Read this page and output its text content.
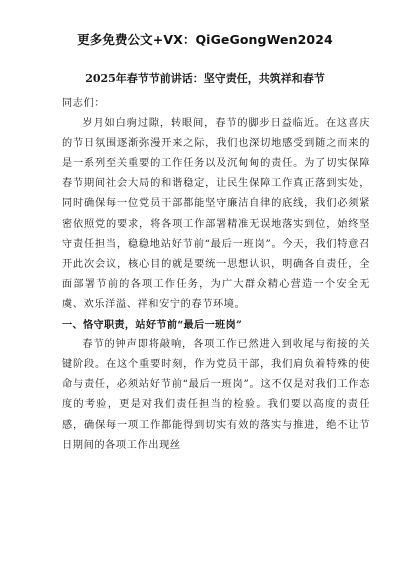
更多免费公文+VX：QiGeGongWen2024
2025年春节节前讲话：坚守责任，共筑祥和春节

同志们：

岁月如白驹过隙，转眼间，春节的脚步日益临近。在这喜庆的节日氛围逐渐弥漫开来之际，我们也深切地感受到随之而来的是一系列至关重要的工作任务以及沉甸甸的责任。为了切实保障春节期间社会大局的和谐稳定，让民生保障工作真正落到实处，同时确保每一位党员干部都能坚守廉洁自律的底线，我们必须紧密依照党的要求，将各项工作部署精准无误地落实到位，始终坚守责任担当，稳稳地站好节前“最后一班岗”。今天，我们特意召开此次会议，核心目的就是要统一思想认识，明确各自责任，全面部署节前的各项工作任务，为广大群众精心营造一个安全无虞、欢乐洋溢、祥和安宁的春节环境。

一、恪守职责，站好节前“最后一班岗”

春节的钟声即将敲响，各项工作已然进入到收尾与衔接的关键阶段。在这个重要时刻，作为党员干部，我们肩负着特殊的使命与责任，必须站好节前“最后一班岗”。这不仅是对我们工作态度的考验，更是对我们责任担当的检验。我们要以高度的责任感，确保每一项工作都能得到切实有效的落实与推进，绝不让节日期间的各项工作出现丝
